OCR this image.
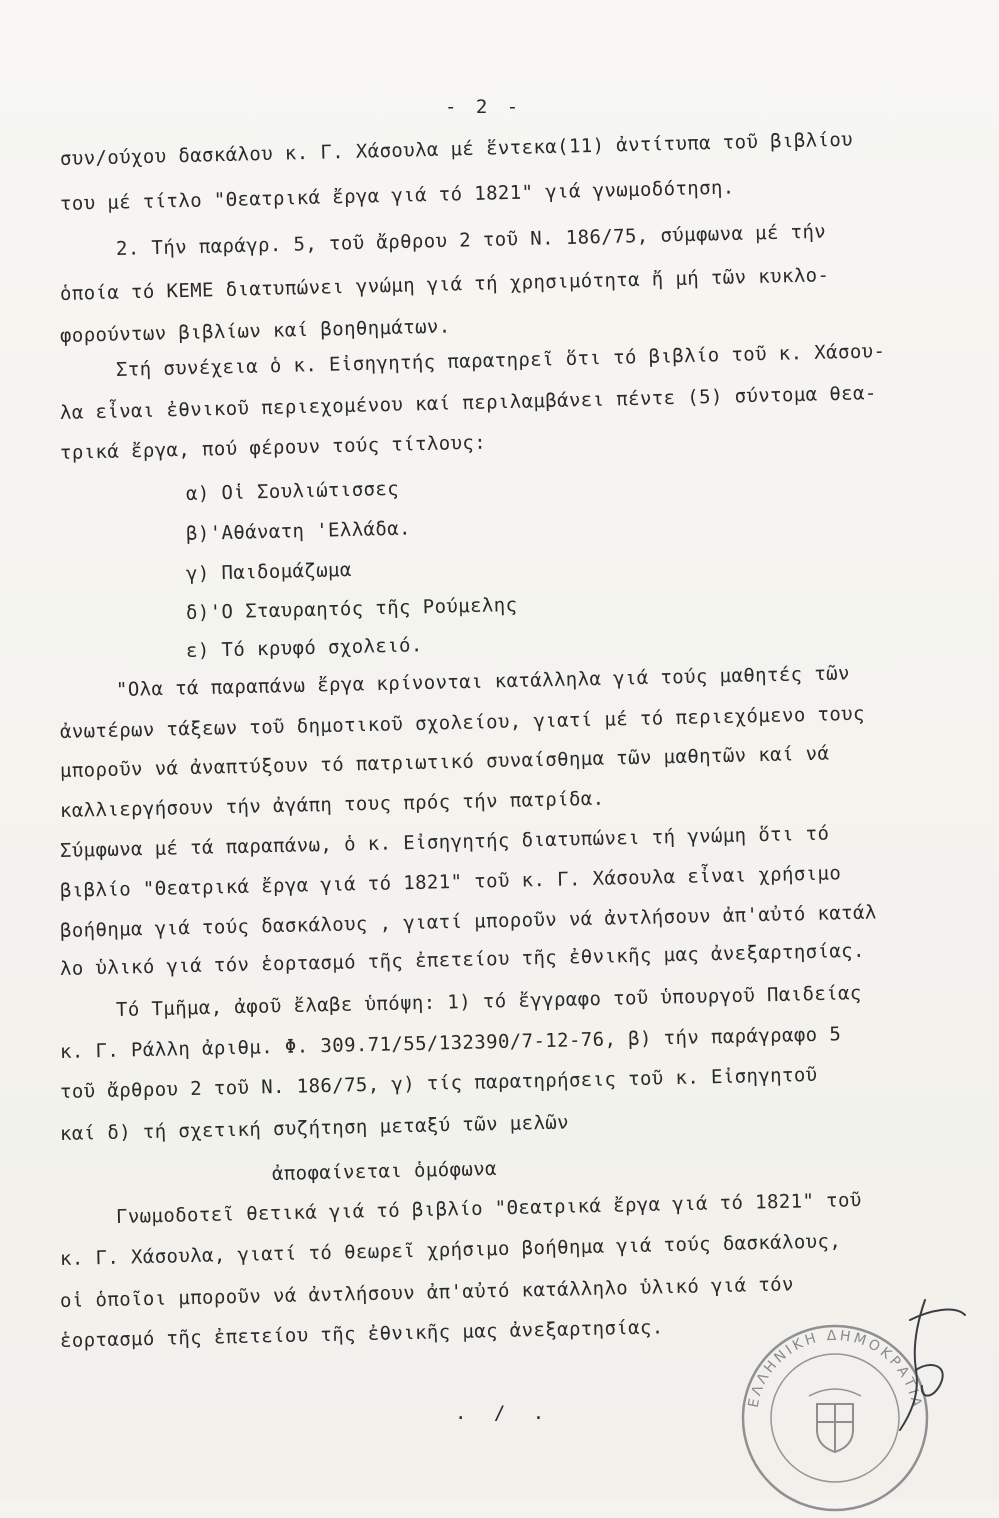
- 2 -
συν/ούχου δασκάλου κ. Γ. Χάσουλα μέ ἕντεκα(11) ἀντίτυπα τοῦ βιβλίου
του μέ τίτλο "Θεατρικά ἔργα γιά τό 1821" γιά γνωμοδότηση.
2. Τήν παράγρ. 5, τοῦ ἄρθρου 2 τοῦ Ν. 186/75, σύμφωνα μέ τήν
ὁποία τό ΚΕΜΕ διατυπώνει γνώμη γιά τή χρησιμότητα ἤ μή τῶν κυκλο-
φορούντων βιβλίων καί βοηθημάτων.
Στή συνέχεια ὁ κ. Εἰσηγητής παρατηρεῖ ὅτι τό βιβλίο τοῦ κ. Χάσου-
λα εἶναι ἐθνικοῦ περιεχομένου καί περιλαμβάνει πέντε (5) σύντομα θεα-
τρικά ἔργα, πού φέρουν τούς τίτλους:
α) Οἱ Σουλιώτισσες
β)'Αθάνατη 'Ελλάδα.
γ) Παιδομάζωμα
δ)'Ο Σταυραητός τῆς Ρούμελης
ε) Τό κρυφό σχολειό.
"Ολα τά παραπάνω ἔργα κρίνονται κατάλληλα γιά τούς μαθητές τῶν
ἀνωτέρων τάξεων τοῦ δημοτικοῦ σχολείου, γιατί μέ τό περιεχόμενο τους
μποροῦν νά ἀναπτύξουν τό πατριωτικό συναίσθημα τῶν μαθητῶν καί νά
καλλιεργήσουν τήν ἀγάπη τους πρός τήν πατρίδα.
Σύμφωνα μέ τά παραπάνω, ὁ κ. Εἰσηγητής διατυπώνει τή γνώμη ὅτι τό
βιβλίο "Θεατρικά ἔργα γιά τό 1821" τοῦ κ. Γ. Χάσουλα εἶναι χρήσιμο
βοήθημα γιά τούς δασκάλους , γιατί μποροῦν νά ἀντλήσουν ἀπ'αὐτό κατάλ
λο ὑλικό γιά τόν ἑορτασμό τῆς ἐπετείου τῆς ἐθνικῆς μας ἀνεξαρτησίας.
Τό Τμῆμα, ἀφοῦ ἔλαβε ὑπόψη: 1) τό ἔγγραφο τοῦ ὑπουργοῦ Παιδείας
κ. Γ. Ράλλη ἀριθμ. Φ. 309.71/55/132390/7-12-76, β) τήν παράγραφο 5
τοῦ ἄρθρου 2 τοῦ Ν. 186/75, γ) τίς παρατηρήσεις τοῦ κ. Εἰσηγητοῦ
καί δ) τή σχετική συζήτηση μεταξύ τῶν μελῶν
ἀποφαίνεται ὁμόφωνα
Γνωμοδοτεῖ θετικά γιά τό βιβλίο "Θεατρικά ἔργα γιά τό 1821" τοῦ
κ. Γ. Χάσουλα, γιατί τό θεωρεῖ χρήσιμο βοήθημα γιά τούς δασκάλους,
οἱ ὁποῖοι μποροῦν νά ἀντλήσουν ἀπ'αὐτό κατάλληλο ὑλικό γιά τόν
ἑορτασμό τῆς ἐπετείου τῆς ἐθνικῆς μας ἀνεξαρτησίας.
. / .
ΕΛΛΗΝΙΚΗ ΔΗΜΟΚΡΑΤΙΑ
